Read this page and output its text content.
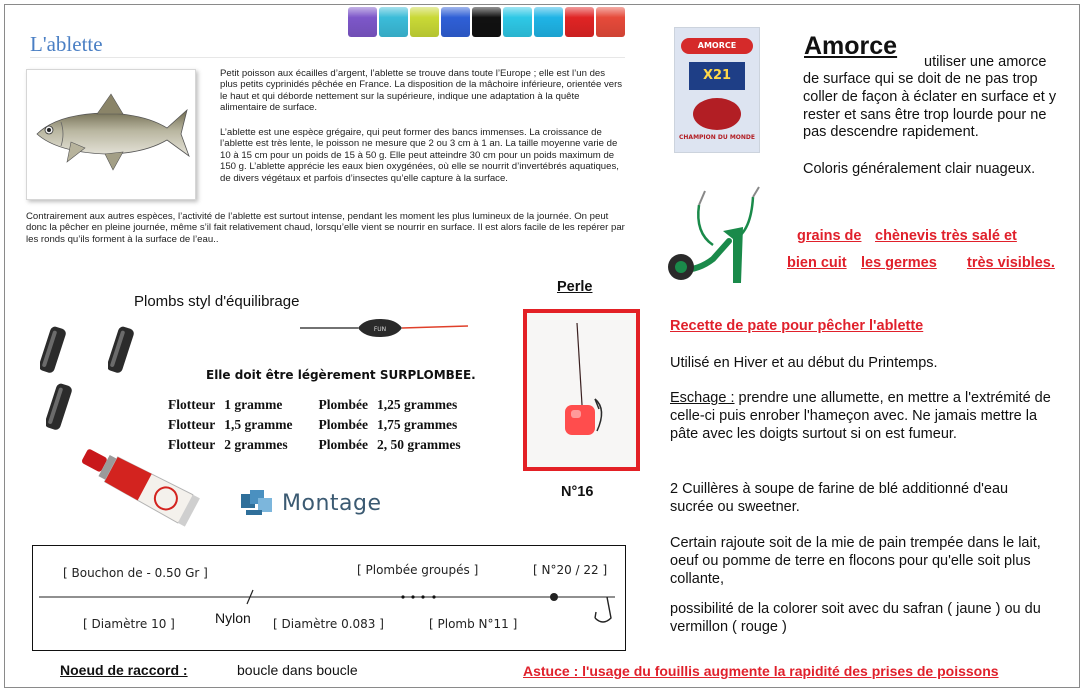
L'ablette
Petit poisson aux écailles d’argent, l’ablette se trouve dans toute l’Europe ; elle est l’un des plus petits cyprinidés pêchée en France. La disposition de la mâchoire inférieure, orientée vers le haut et qui déborde nettement sur la supérieure, indique une adaptation à la quête alimentaire de surface.
L’ablette est une espèce grégaire, qui peut former des bancs immenses. La croissance de l’ablette est très lente, le poisson ne mesure que 2 ou 3 cm à 1 an. La taille moyenne varie de 10 à 15 cm pour un poids de 15 à 50 g. Elle peut atteindre 30 cm pour un poids maximum de 150 g. L’ablette apprécie les eaux bien oxygénées, où elle se nourrit d’invertébrés aquatiques, de divers végétaux et parfois d’insectes qu’elle capture à la surface.
Contrairement aux autres espèces, l’activité de l’ablette est surtout intense, pendant les moment les plus lumineux de la journée. On peut donc la pêcher en pleine journée, même s’il fait relativement chaud, lorsqu’elle vient se nourrir en surface. Il est alors facile de les repérer par les ronds qu’ils forment à la surface de l’eau..
Plombs styl d'équilibrage
FUN
Elle doit être légèrement SURPLOMBEE.
Flotteur	1 gramme		Plombée	1,25 grammes
Flotteur	1,5 gramme		Plombée	1,75 grammes
Flotteur	2 grammes		Plombée	2, 50 grammes
Montage
[ Bouchon de - 0.50 Gr ]	[ Plombée groupés ]	[ N°20 / 22 ]
[ Diamètre 10 ]	[ Diamètre 0.083 ]	[ Plomb N°11 ]
Nylon
Noeud de raccord :	boucle dans boucle	Astuce : l'usage du fouillis augmente la rapidité des prises de poissons
Perle
N°16
AMORCE
X21
CHAMPION DU MONDE
Amorce
utiliser une amorce
de surface qui se doit de ne pas trop coller de façon à éclater en surface et y rester et sans être trop lourde pour ne pas descendre rapidement.
Coloris généralement clair nuageux.
grains de chènevis très salé et
bien cuit les germes très visibles.
Recette de pate pour pêcher l'ablette
Utilisé en Hiver et au début du Printemps.
Eschage : prendre une allumette, en mettre a l'extrémité de celle-ci puis enrober l'hameçon avec. Ne jamais mettre la pâte avec les doigts surtout si on est fumeur.
2 Cuillères à soupe de farine de blé additionné d'eau sucrée ou sweetner.
Certain rajoute soit de la mie de pain trempée dans le lait, oeuf ou pomme de terre en flocons pour qu'elle soit plus collante,
possibilité de la colorer soit avec du safran ( jaune ) ou du vermillon ( rouge )
